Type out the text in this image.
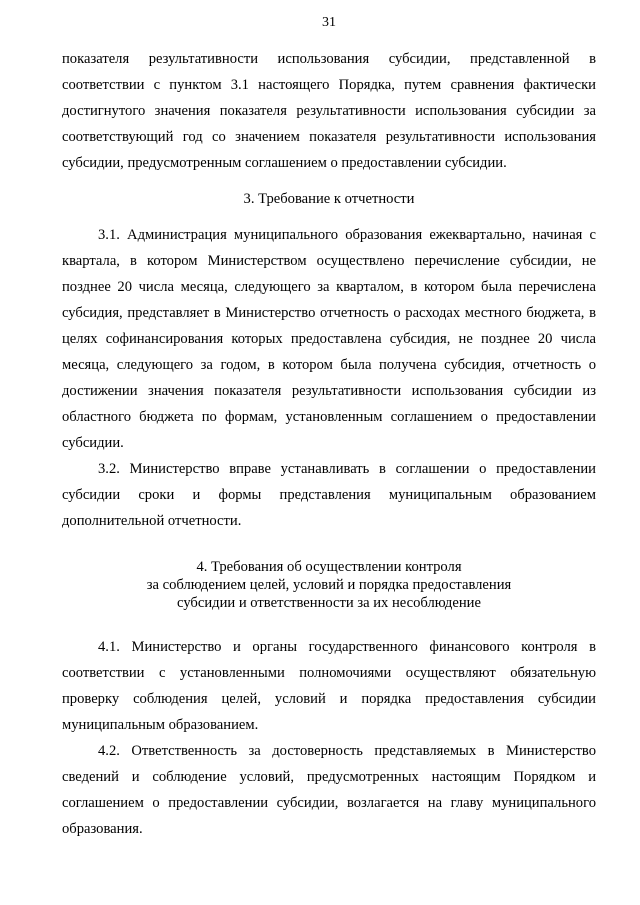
31

показателя результативности использования субсидии, представленной в соответствии с пунктом 3.1 настоящего Порядка, путем сравнения фактически достигнутого значения показателя результативности использования субсидии за соответствующий год со значением показателя результативности использования субсидии, предусмотренным соглашением о предоставлении субсидии.

3. Требование к отчетности

3.1. Администрация муниципального образования ежеквартально, начиная с квартала, в котором Министерством осуществлено перечисление субсидии, не позднее 20 числа месяца, следующего за кварталом, в котором была перечислена субсидия, представляет в Министерство отчетность о расходах местного бюджета, в целях софинансирования которых предоставлена субсидия, не позднее 20 числа месяца, следующего за годом, в котором была получена субсидия, отчетность о достижении значения показателя результативности использования субсидии из областного бюджета по формам, установленным соглашением о предоставлении субсидии.

3.2. Министерство вправе устанавливать в соглашении о предоставлении субсидии сроки и формы представления муниципальным образованием дополнительной отчетности.

4. Требования об осуществлении контроля
за соблюдением целей, условий и порядка предоставления
субсидии и ответственности за их несоблюдение

4.1. Министерство и органы государственного финансового контроля в соответствии с установленными полномочиями осуществляют обязательную проверку соблюдения целей, условий и порядка предоставления субсидии муниципальным образованием.

4.2. Ответственность за достоверность представляемых в Министерство сведений и соблюдение условий, предусмотренных настоящим Порядком и соглашением о предоставлении субсидии, возлагается на главу муниципального образования.
